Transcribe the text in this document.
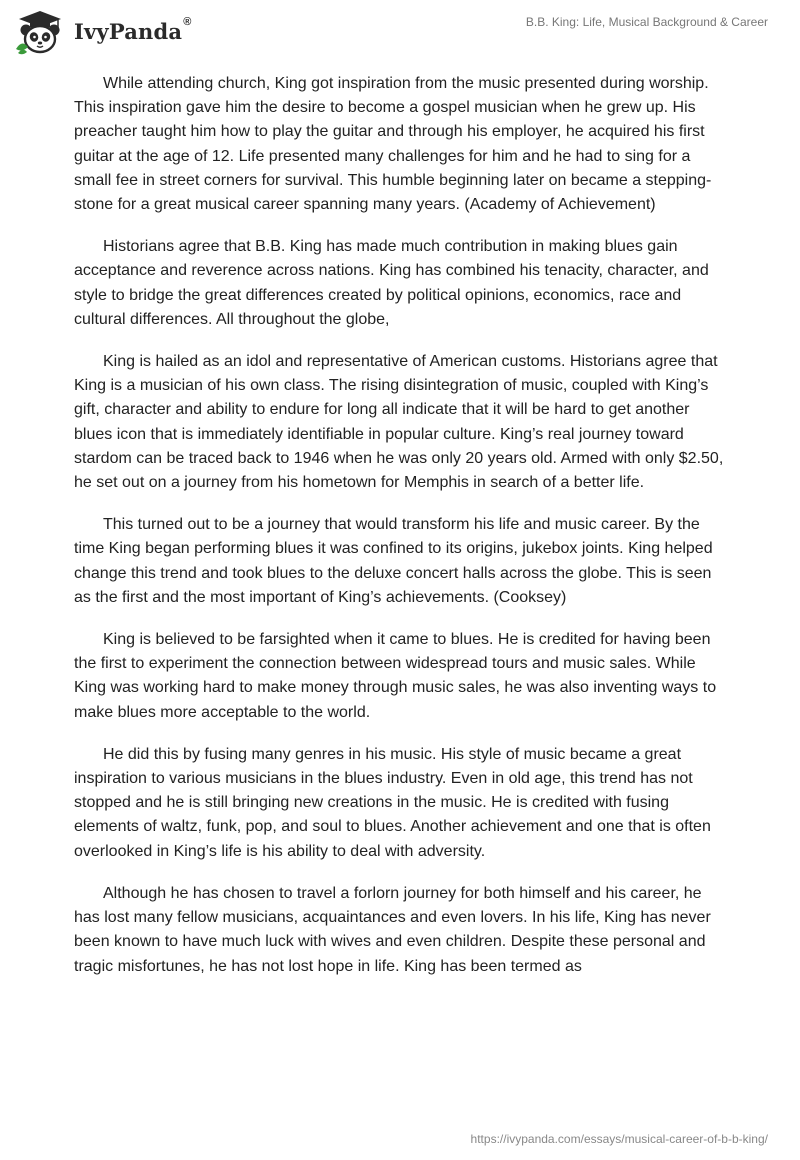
IvyPanda®	B.B. King: Life, Musical Background & Career

While attending church, King got inspiration from the music presented during worship. This inspiration gave him the desire to become a gospel musician when he grew up. His preacher taught him how to play the guitar and through his employer, he acquired his first guitar at the age of 12. Life presented many challenges for him and he had to sing for a small fee in street corners for survival. This humble beginning later on became a stepping-stone for a great musical career spanning many years. (Academy of Achievement)

Historians agree that B.B. King has made much contribution in making blues gain acceptance and reverence across nations. King has combined his tenacity, character, and style to bridge the great differences created by political opinions, economics, race and cultural differences. All throughout the globe,

King is hailed as an idol and representative of American customs. Historians agree that King is a musician of his own class. The rising disintegration of music, coupled with King’s gift, character and ability to endure for long all indicate that it will be hard to get another blues icon that is immediately identifiable in popular culture. King’s real journey toward stardom can be traced back to 1946 when he was only 20 years old. Armed with only $2.50, he set out on a journey from his hometown for Memphis in search of a better life.

This turned out to be a journey that would transform his life and music career. By the time King began performing blues it was confined to its origins, jukebox joints. King helped change this trend and took blues to the deluxe concert halls across the globe. This is seen as the first and the most important of King’s achievements. (Cooksey)

King is believed to be farsighted when it came to blues. He is credited for having been the first to experiment the connection between widespread tours and music sales. While King was working hard to make money through music sales, he was also inventing ways to make blues more acceptable to the world.

He did this by fusing many genres in his music. His style of music became a great inspiration to various musicians in the blues industry. Even in old age, this trend has not stopped and he is still bringing new creations in the music. He is credited with fusing elements of waltz, funk, pop, and soul to blues. Another achievement and one that is often overlooked in King’s life is his ability to deal with adversity.

Although he has chosen to travel a forlorn journey for both himself and his career, he has lost many fellow musicians, acquaintances and even lovers. In his life, King has never been known to have much luck with wives and even children. Despite these personal and tragic misfortunes, he has not lost hope in life. King has been termed as

https://ivypanda.com/essays/musical-career-of-b-b-king/
